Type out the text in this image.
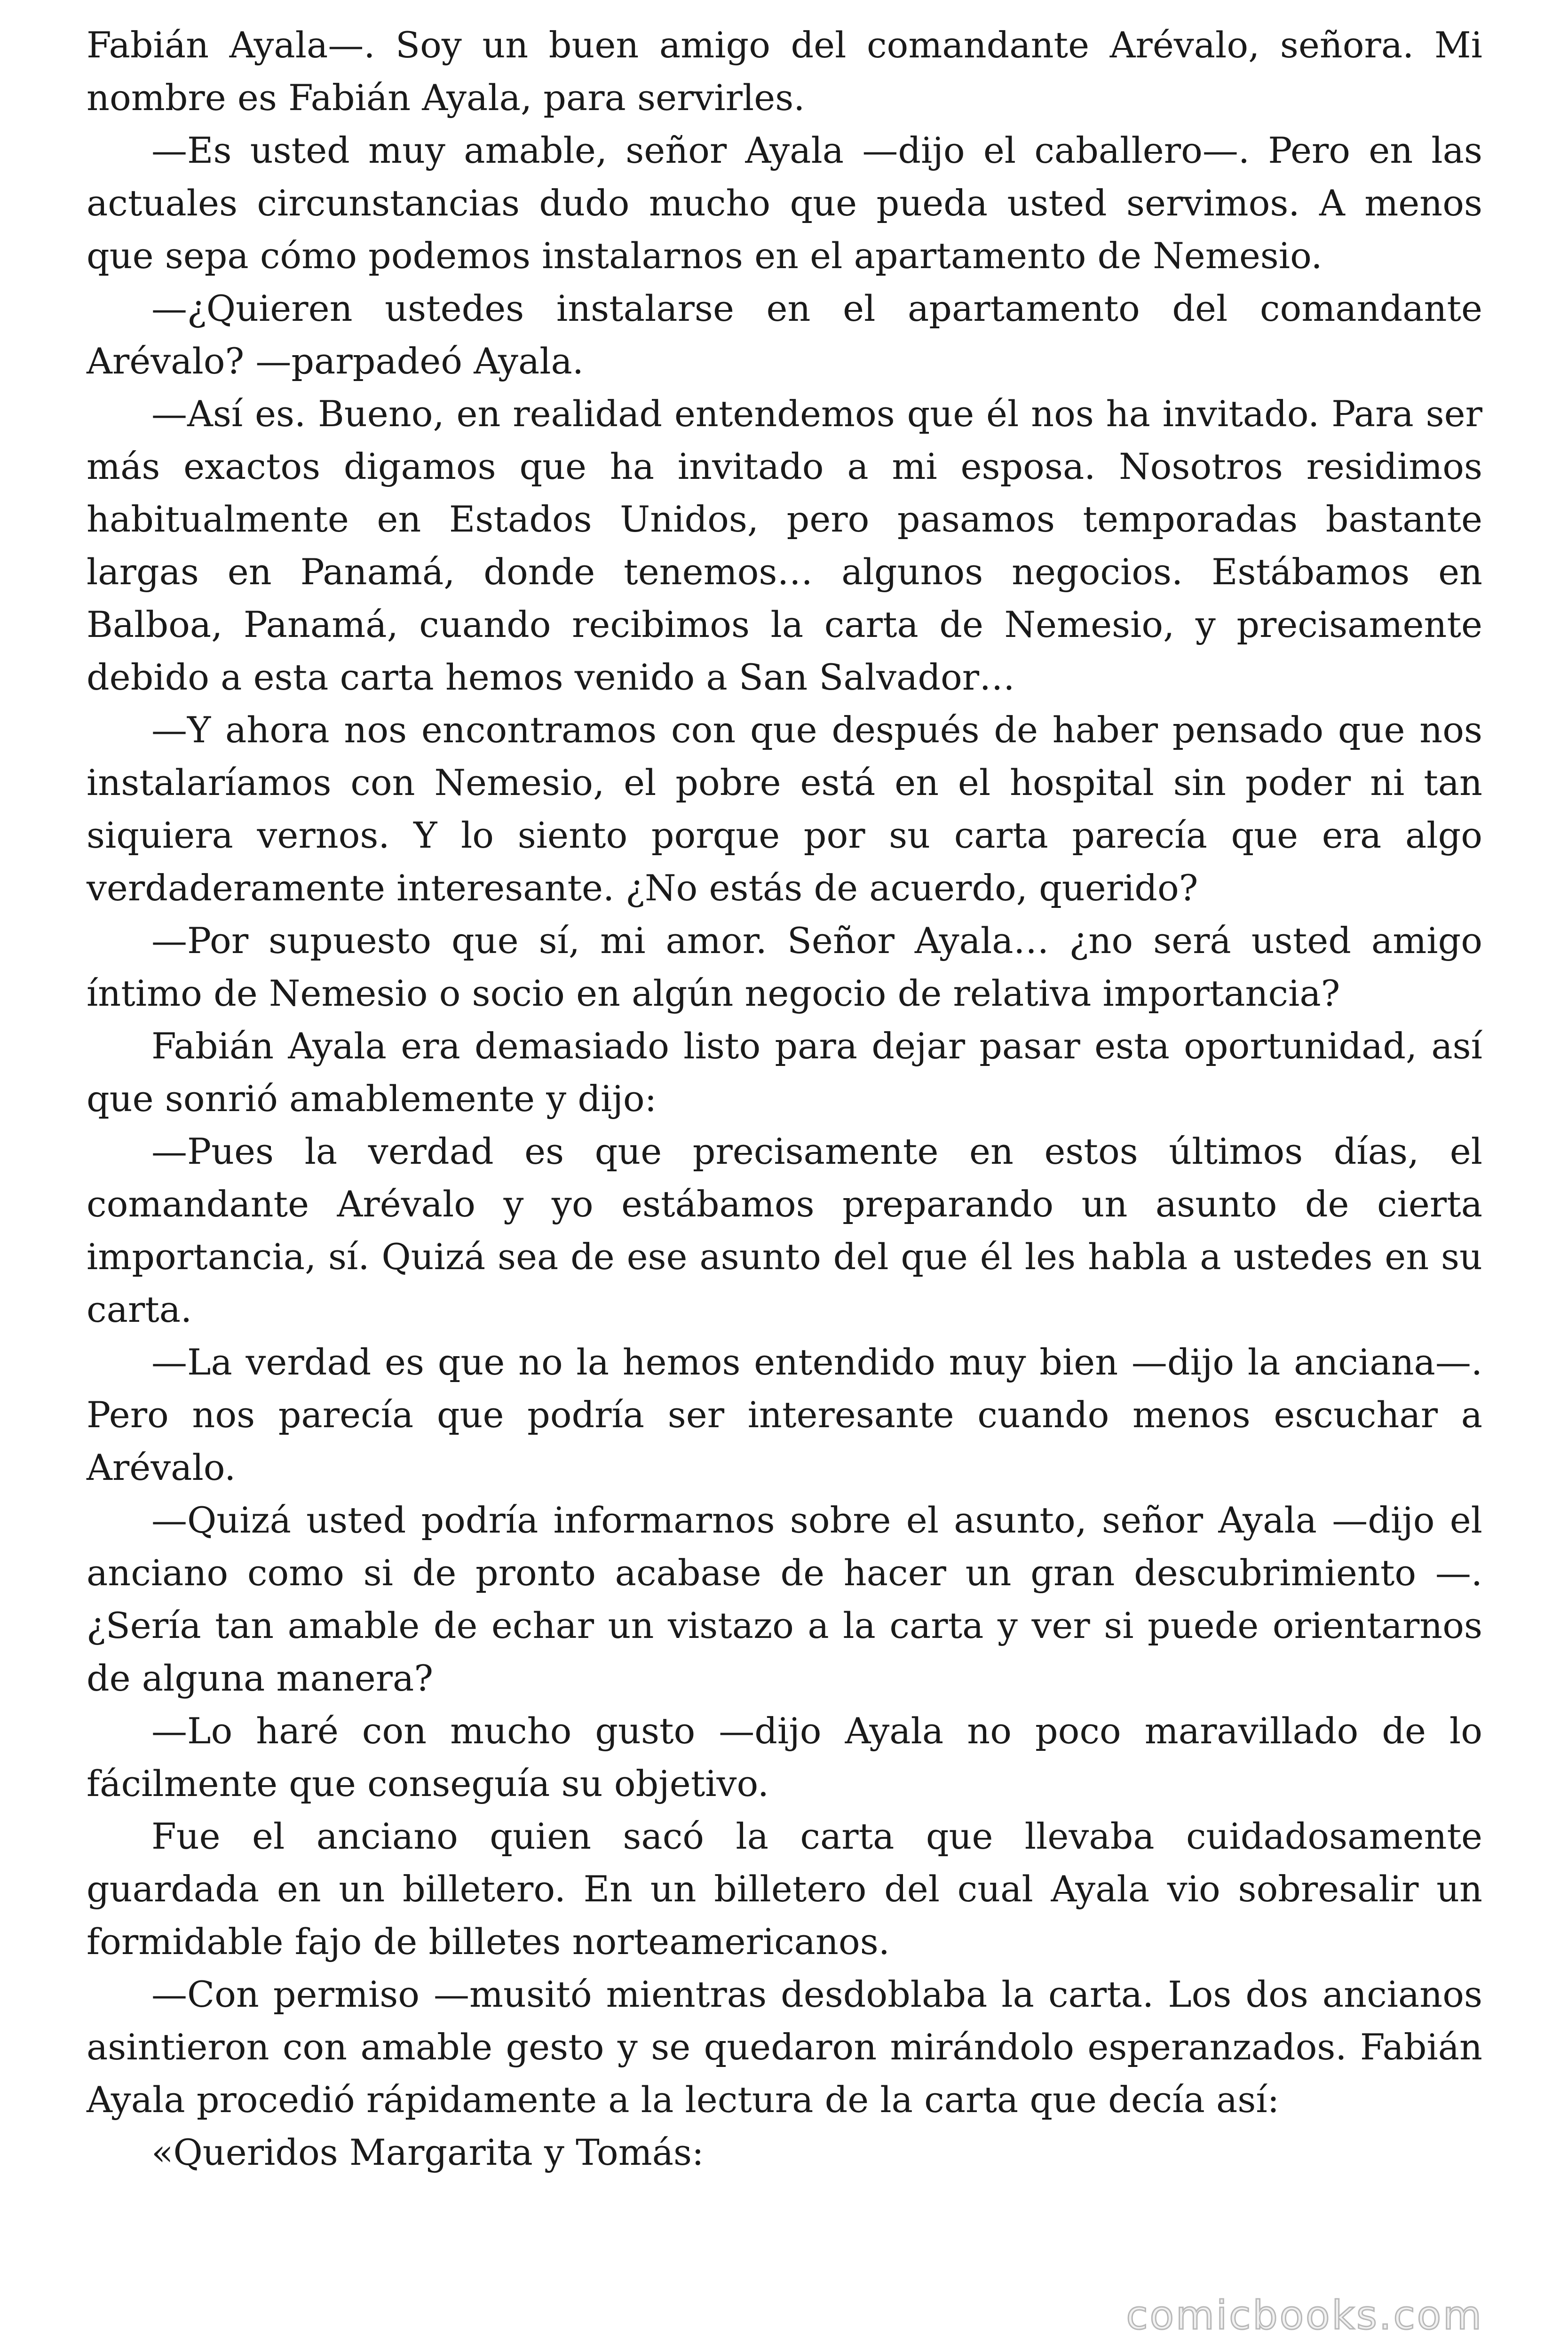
Fabián Ayala—. Soy un buen amigo del comandante Arévalo, señora. Mi nombre es Fabián Ayala, para servirles.

—Es usted muy amable, señor Ayala —dijo el caballero—. Pero en las actuales circunstancias dudo mucho que pueda usted servimos. A menos que sepa cómo podemos instalarnos en el apartamento de Nemesio.

—¿Quieren ustedes instalarse en el apartamento del comandante Arévalo? —parpadeó Ayala.

—Así es. Bueno, en realidad entendemos que él nos ha invitado. Para ser más exactos digamos que ha invitado a mi esposa. Nosotros residimos habitualmente en Estados Unidos, pero pasamos temporadas bastante largas en Panamá, donde tenemos… algunos negocios. Estábamos en Balboa, Panamá, cuando recibimos la carta de Nemesio, y precisamente debido a esta carta hemos venido a San Salvador…

—Y ahora nos encontramos con que después de haber pensado que nos instalaríamos con Nemesio, el pobre está en el hospital sin poder ni tan siquiera vernos. Y lo siento porque por su carta parecía que era algo verdaderamente interesante. ¿No estás de acuerdo, querido?

—Por supuesto que sí, mi amor. Señor Ayala… ¿no será usted amigo íntimo de Nemesio o socio en algún negocio de relativa importancia?

Fabián Ayala era demasiado listo para dejar pasar esta oportunidad, así que sonrió amablemente y dijo:

—Pues la verdad es que precisamente en estos últimos días, el comandante Arévalo y yo estábamos preparando un asunto de cierta importancia, sí. Quizá sea de ese asunto del que él les habla a ustedes en su carta.

—La verdad es que no la hemos entendido muy bien —dijo la anciana—. Pero nos parecía que podría ser interesante cuando menos escuchar a Arévalo.

—Quizá usted podría informarnos sobre el asunto, señor Ayala —dijo el anciano como si de pronto acabase de hacer un gran descubrimiento —. ¿Sería tan amable de echar un vistazo a la carta y ver si puede orientarnos de alguna manera?

—Lo haré con mucho gusto —dijo Ayala no poco maravillado de lo fácilmente que conseguía su objetivo.

Fue el anciano quien sacó la carta que llevaba cuidadosamente guardada en un billetero. En un billetero del cual Ayala vio sobresalir un formidable fajo de billetes norteamericanos.

—Con permiso —musitó mientras desdoblaba la carta. Los dos ancianos asintieron con amable gesto y se quedaron mirándolo esperanzados. Fabián Ayala procedió rápidamente a la lectura de la carta que decía así:

«Queridos Margarita y Tomás:

comicbooks.com
